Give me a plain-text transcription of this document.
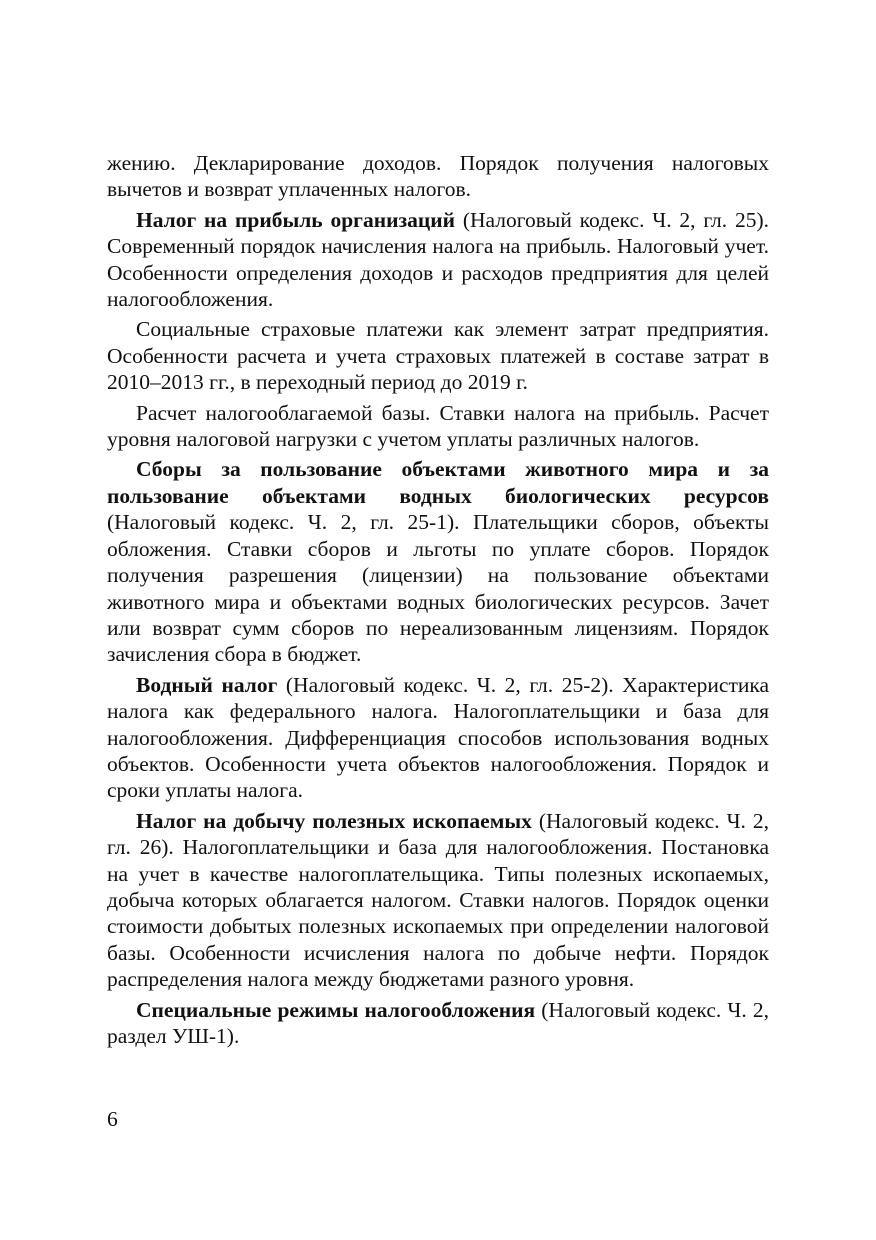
жению. Декларирование доходов. Порядок получения налоговых вычетов и возврат уплаченных налогов.

Налог на прибыль организаций (Налоговый кодекс. Ч. 2, гл. 25). Современный порядок начисления налога на прибыль. Налоговый учет. Особенности определения доходов и расходов предприятия для целей налогообложения.

Социальные страховые платежи как элемент затрат предприятия. Особенности расчета и учета страховых платежей в составе затрат в 2010–2013 гг., в переходный период до 2019 г.

Расчет налогооблагаемой базы. Ставки налога на прибыль. Расчет уровня налоговой нагрузки с учетом уплаты различных налогов.

Сборы за пользование объектами животного мира и за пользование объектами водных биологических ресурсов (Налоговый кодекс. Ч. 2, гл. 25-1). Плательщики сборов, объекты обложения. Ставки сборов и льготы по уплате сборов. Порядок получения разрешения (лицензии) на пользование объектами животного мира и объектами водных биологических ресурсов. Зачет или возврат сумм сборов по нереализованным лицензиям. Порядок зачисления сбора в бюджет.

Водный налог (Налоговый кодекс. Ч. 2, гл. 25-2). Характеристика налога как федерального налога. Налогоплательщики и база для налогообложения. Дифференциация способов использования водных объектов. Особенности учета объектов налогообложения. Порядок и сроки уплаты налога.

Налог на добычу полезных ископаемых (Налоговый кодекс. Ч. 2, гл. 26). Налогоплательщики и база для налогообложения. Постановка на учет в качестве налогоплательщика. Типы полезных ископаемых, добыча которых облагается налогом. Ставки налогов. Порядок оценки стоимости добытых полезных ископаемых при определении налоговой базы. Особенности исчисления налога по добыче нефти. Порядок распределения налога между бюджетами разного уровня.

Специальные режимы налогообложения (Налоговый кодекс. Ч. 2, раздел УШ-1).

6
